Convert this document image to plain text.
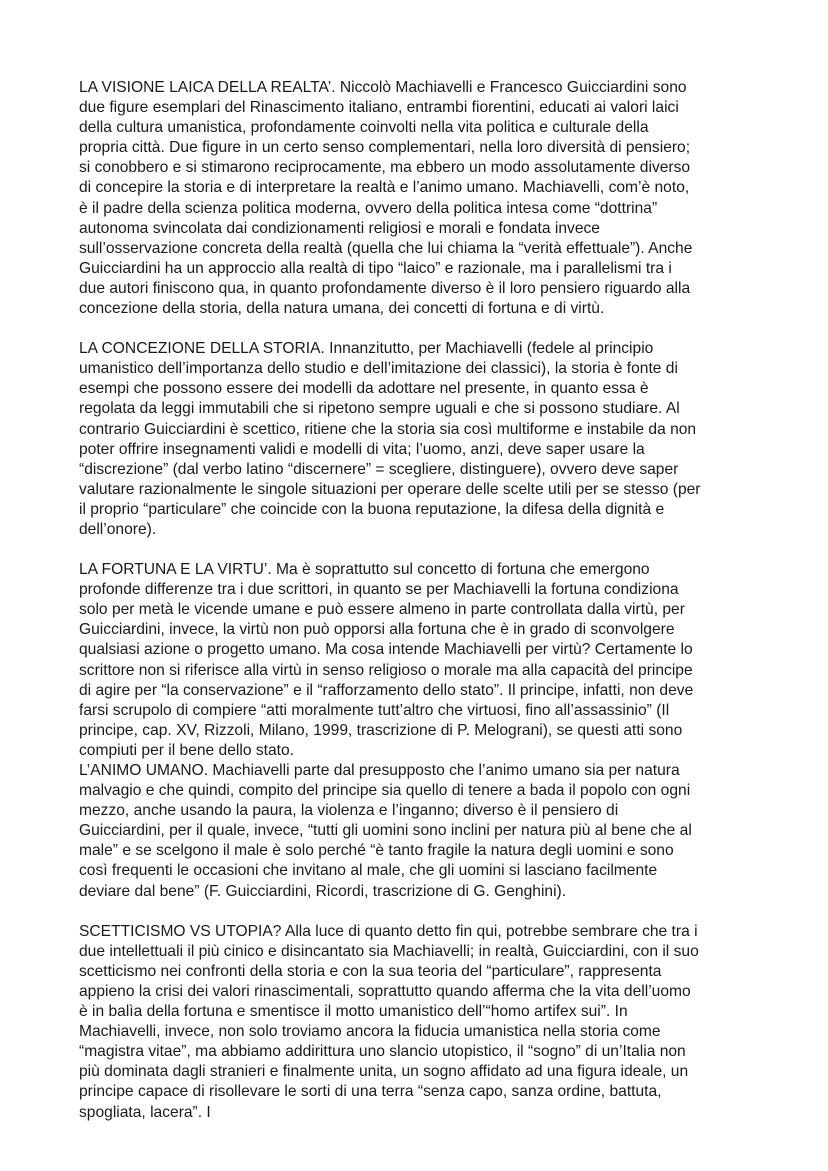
LA VISIONE LAICA DELLA REALTA’. Niccolò Machiavelli e Francesco Guicciardini sono
due figure esemplari del Rinascimento italiano, entrambi fiorentini, educati ai valori laici
della cultura umanistica, profondamente coinvolti nella vita politica e culturale della
propria città. Due figure in un certo senso complementari, nella loro diversità di pensiero;
si conobbero e si stimarono reciprocamente, ma ebbero un modo assolutamente diverso
di concepire la storia e di interpretare la realtà e l’animo umano. Machiavelli, com’è noto,
è il padre della scienza politica moderna, ovvero della politica intesa come “dottrina”
autonoma svincolata dai condizionamenti religiosi e morali e fondata invece
sull’osservazione concreta della realtà (quella che lui chiama la “verità effettuale”). Anche
Guicciardini ha un approccio alla realtà di tipo “laico” e razionale, ma i parallelismi tra i
due autori finiscono qua, in quanto profondamente diverso è il loro pensiero riguardo alla
concezione della storia, della natura umana, dei concetti di fortuna e di virtù.

LA CONCEZIONE DELLA STORIA. Innanzitutto, per Machiavelli (fedele al principio
umanistico dell’importanza dello studio e dell’imitazione dei classici), la storia è fonte di
esempi che possono essere dei modelli da adottare nel presente, in quanto essa è
regolata da leggi immutabili che si ripetono sempre uguali e che si possono studiare. Al
contrario Guicciardini è scettico, ritiene che la storia sia così multiforme e instabile da non
poter offrire insegnamenti validi e modelli di vita; l’uomo, anzi, deve saper usare la
“discrezione” (dal verbo latino “discernere” = scegliere, distinguere), ovvero deve saper
valutare razionalmente le singole situazioni per operare delle scelte utili per se stesso (per
il proprio “particulare” che coincide con la buona reputazione, la difesa della dignità e
dell’onore).

LA FORTUNA E LA VIRTU’. Ma è soprattutto sul concetto di fortuna che emergono
profonde differenze tra i due scrittori, in quanto se per Machiavelli la fortuna condiziona
solo per metà le vicende umane e può essere almeno in parte controllata dalla virtù, per
Guicciardini, invece, la virtù non può opporsi alla fortuna che è in grado di sconvolgere
qualsiasi azione o progetto umano. Ma cosa intende Machiavelli per virtù? Certamente lo
scrittore non si riferisce alla virtù in senso religioso o morale ma alla capacità del principe
di agire per “la conservazione” e il “rafforzamento dello stato”. Il principe, infatti, non deve
farsi scrupolo di compiere “atti moralmente tutt’altro che virtuosi, fino all’assassinio” (Il
principe, cap. XV, Rizzoli, Milano, 1999, trascrizione di P. Melograni), se questi atti sono
compiuti per il bene dello stato.

L’ANIMO UMANO. Machiavelli parte dal presupposto che l’animo umano sia per natura
malvagio e che quindi, compito del principe sia quello di tenere a bada il popolo con ogni
mezzo, anche usando la paura, la violenza e l’inganno; diverso è il pensiero di
Guicciardini, per il quale, invece, “tutti gli uomini sono inclini per natura più al bene che al
male” e se scelgono il male è solo perché “è tanto fragile la natura degli uomini e sono
così frequenti le occasioni che invitano al male, che gli uomini si lasciano facilmente
deviare dal bene” (F. Guicciardini, Ricordi, trascrizione di G. Genghini).

SCETTICISMO VS UTOPIA? Alla luce di quanto detto fin qui, potrebbe sembrare che tra i
due intellettuali il più cinico e disincantato sia Machiavelli; in realtà, Guicciardini, con il suo
scetticismo nei confronti della storia e con la sua teoria del “particulare”, rappresenta
appieno la crisi dei valori rinascimentali, soprattutto quando afferma che la vita dell’uomo
è in balìa della fortuna e smentisce il motto umanistico dell’“homo artifex sui”. In
Machiavelli, invece, non solo troviamo ancora la fiducia umanistica nella storia come
“magistra vitae”, ma abbiamo addirittura uno slancio utopistico, il “sogno” di un’Italia non
più dominata dagli stranieri e finalmente unita, un sogno affidato ad una figura ideale, un
principe capace di risollevare le sorti di una terra “senza capo, sanza ordine, battuta,
spogliata, lacera”. I
